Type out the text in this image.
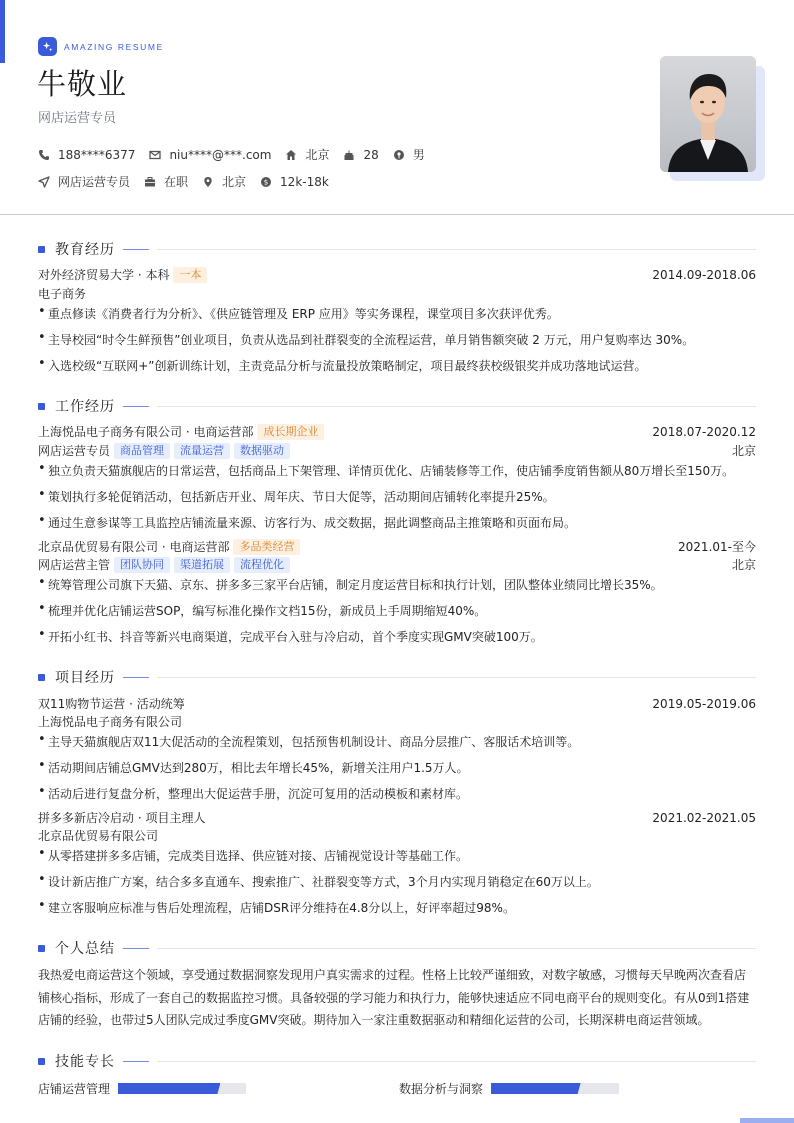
AMAZING RESUME
牛敬业
网店运营专员
188****6377	niu****@***.com	北京	28	男
网店运营专员	在职	北京	$ 12k-18k
教育经历
对外经济贸易大学 · 本科 一本	2014.09-2018.06
电子商务
• 重点修读《消费者行为分析》、《供应链管理及 ERP 应用》等实务课程，课堂项目多次获评优秀。
• 主导校园“时令生鲜预售”创业项目，负责从选品到社群裂变的全流程运营，单月销售额突破 2 万元，用户复购率达 30%。
• 入选校级“互联网+”创新训练计划，主责竞品分析与流量投放策略制定，项目最终获校级银奖并成功落地试运营。
工作经历
上海悦品电子商务有限公司 · 电商运营部 成长期企业	2018.07-2020.12
网店运营专员 商品管理	流量运营	数据驱动	北京
• 独立负责天猫旗舰店的日常运营，包括商品上下架管理、详情页优化、店铺装修等工作，使店铺季度销售额从80万增长至150万。
• 策划执行多轮促销活动，包括新店开业、周年庆、节日大促等，活动期间店铺转化率提升25%。
• 通过生意参谋等工具监控店铺流量来源、访客行为、成交数据，据此调整商品主推策略和页面布局。
北京品优贸易有限公司 · 电商运营部 多品类经营	2021.01-至今
网店运营主管 团队协同	渠道拓展	流程优化	北京
• 统筹管理公司旗下天猫、京东、拼多多三家平台店铺，制定月度运营目标和执行计划，团队整体业绩同比增长35%。
• 梳理并优化店铺运营SOP，编写标准化操作文档15份，新成员上手周期缩短40%。
• 开拓小红书、抖音等新兴电商渠道，完成平台入驻与冷启动，首个季度实现GMV突破100万。
项目经历
双11购物节运营 · 活动统筹	2019.05-2019.06
上海悦品电子商务有限公司
• 主导天猫旗舰店双11大促活动的全流程策划，包括预售机制设计、商品分层推广、客服话术培训等。
• 活动期间店铺总GMV达到280万，相比去年增长45%，新增关注用户1.5万人。
• 活动后进行复盘分析，整理出大促运营手册，沉淀可复用的活动模板和素材库。
拼多多新店冷启动 · 项目主理人	2021.02-2021.05
北京品优贸易有限公司
• 从零搭建拼多多店铺，完成类目选择、供应链对接、店铺视觉设计等基础工作。
• 设计新店推广方案，结合多多直通车、搜索推广、社群裂变等方式，3个月内实现月销稳定在60万以上。
• 建立客服响应标准与售后处理流程，店铺DSR评分维持在4.8分以上，好评率超过98%。
个人总结
我热爱电商运营这个领域，享受通过数据洞察发现用户真实需求的过程。性格上比较严谨细致，对数字敏感，习惯每天早晚两次查看店铺核心指标，形成了一套自己的数据监控习惯。具备较强的学习能力和执行力，能够快速适应不同电商平台的规则变化。有从0到1搭建店铺的经验，也带过5人团队完成过季度GMV突破。期待加入一家注重数据驱动和精细化运营的公司，长期深耕电商运营领域。
技能专长
店铺运营管理	数据分析与洞察
